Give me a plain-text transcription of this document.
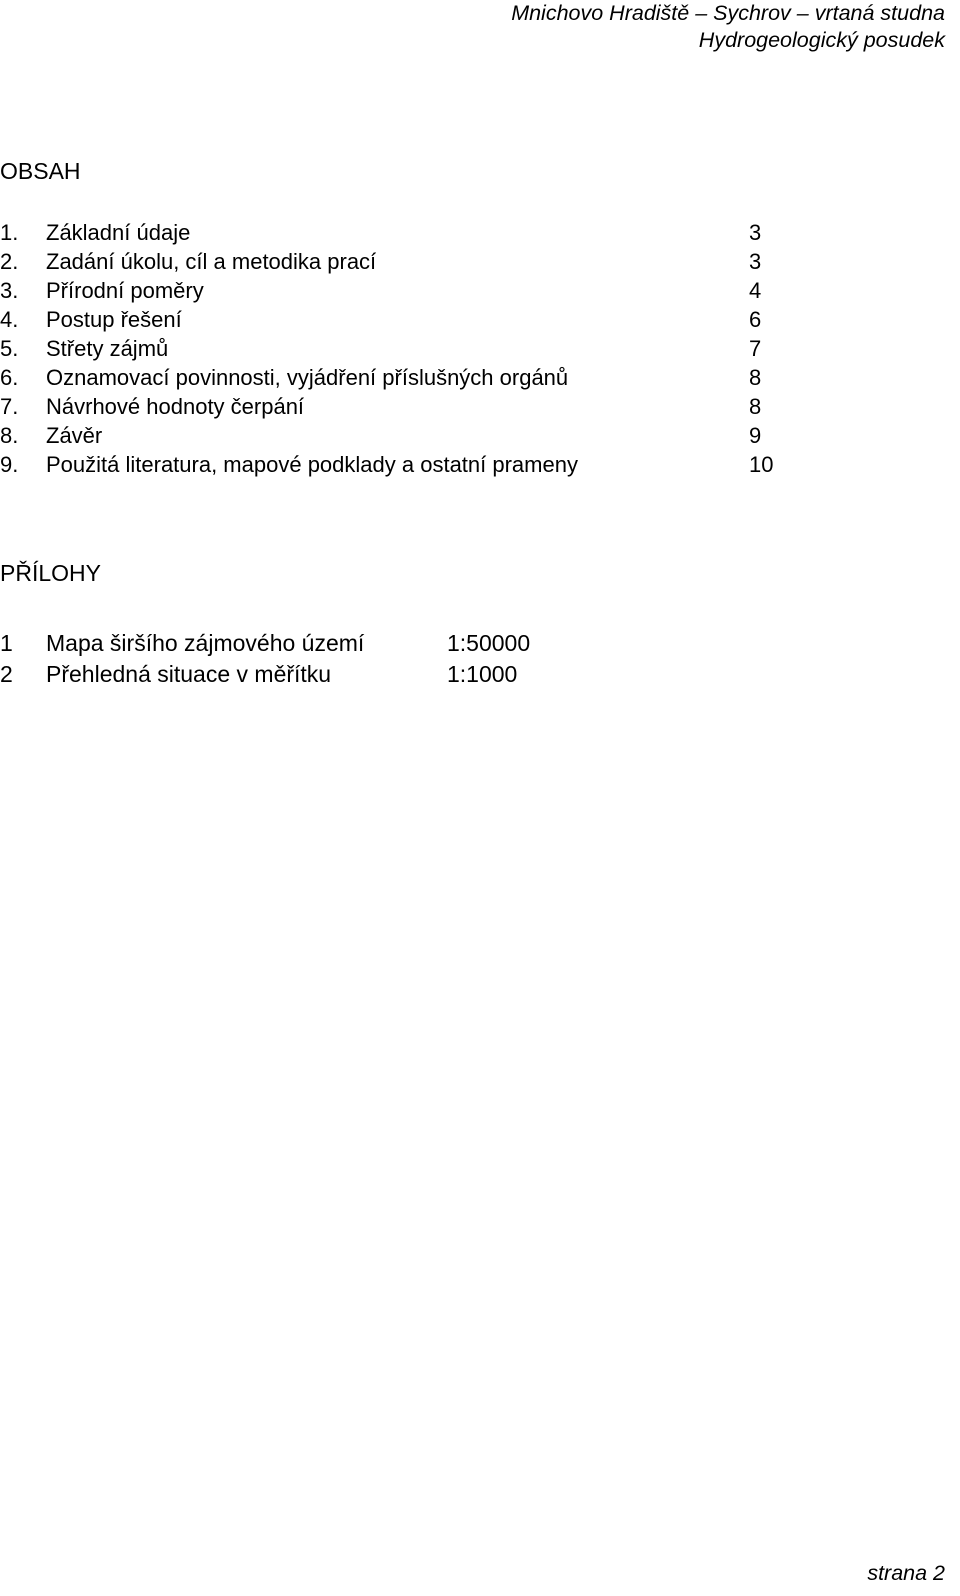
Mnichovo Hradiště – Sychrov – vrtaná studna
Hydrogeologický posudek
OBSAH
1. Základní údaje	3
2. Zadání úkolu, cíl a metodika prací	3
3. Přírodní poměry	4
4. Postup řešení	6
5. Střety zájmů	7
6. Oznamovací povinnosti, vyjádření příslušných orgánů	8
7. Návrhové hodnoty čerpání	8
8. Závěr	9
9. Použitá literatura, mapové podklady a ostatní prameny	10
PŘÍLOHY
1 Mapa širšího zájmového území	1:50000
2 Přehledná situace v měřítku	1:1000
strana 2
